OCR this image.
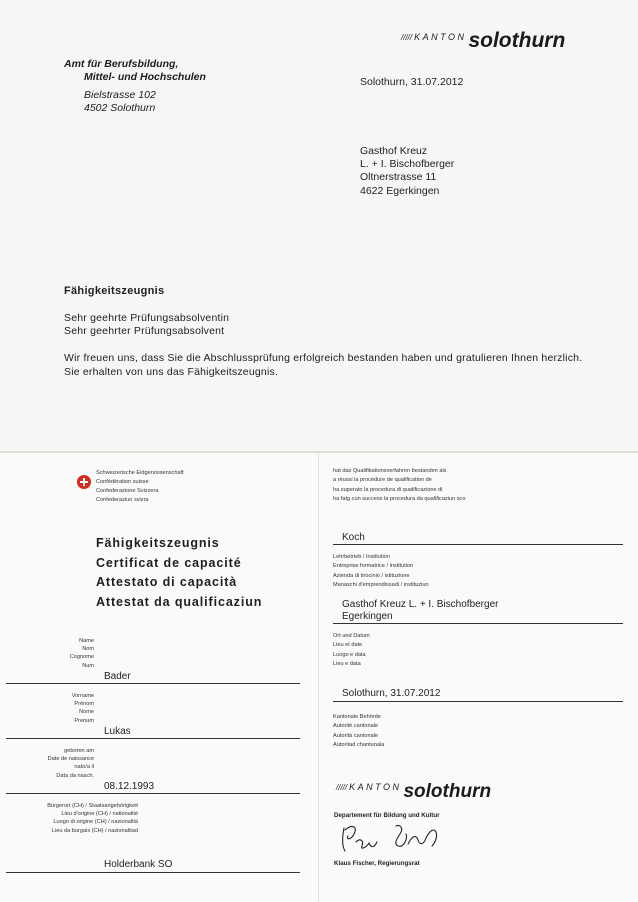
///// KANTON solothurn
Amt für Berufsbildung,
Mittel- und Hochschulen
Bielstrasse 102
4502 Solothurn
Solothurn, 31.07.2012
Gasthof Kreuz
L. + I. Bischofberger
Oltnerstrasse 11
4622 Egerkingen
Fähigkeitszeugnis
Sehr geehrte Prüfungsabsolventin
Sehr geehrter Prüfungsabsolvent
Wir freuen uns, dass Sie die Abschlussprüfung erfolgreich bestanden haben und gratulieren Ihnen herzlich.
Sie erhalten von uns das Fähigkeitszeugnis.
Schweizerische Eidgenossenschaft
Confédération suisse
Confederazione Svizzera
Confederaziun svizra
Fähigkeitszeugnis
Certificat de capacité
Attestato di capacità
Attestat da qualificaziun
Name
Nom
Cognome
Num
Bader
Vorname
Prénom
Nome
Prenum
Lukas
geboren am
Date de naissance
nato/a il
Data da nasch.
08.12.1993
Bürgerort (CH) / Staatsangehörigkeit
Lieu d'origine (CH) / nationalité
Luogo di origine (CH) / nazionalità
Lieu da burgais (CH) / nazionalitad
Holderbank SO
hat das Qualifikationsverfahren bestanden als
a réussi la procédure de qualification de
ha superato la procedura di qualificazione di
ha fatg cun success la procedura da qualificaziun sco
Koch
Lehrbetrieb / Institution
Entreprise formatrice / institution
Azienda di tirocinio / istituzione
Manaschi d'emprendissadi / instituziun
Gasthof Kreuz L. + I. Bischofberger
Egerkingen
Ort und Datum
Lieu et date
Luogo e data
Lieu e data
Solothurn, 31.07.2012
Kantonale Behörde
Autorité cantonale
Autorità cantonale
Autoritad chantunala
///// KANTON solothurn
Departement für Bildung und Kultur
Klaus Fischer, Regierungsrat
